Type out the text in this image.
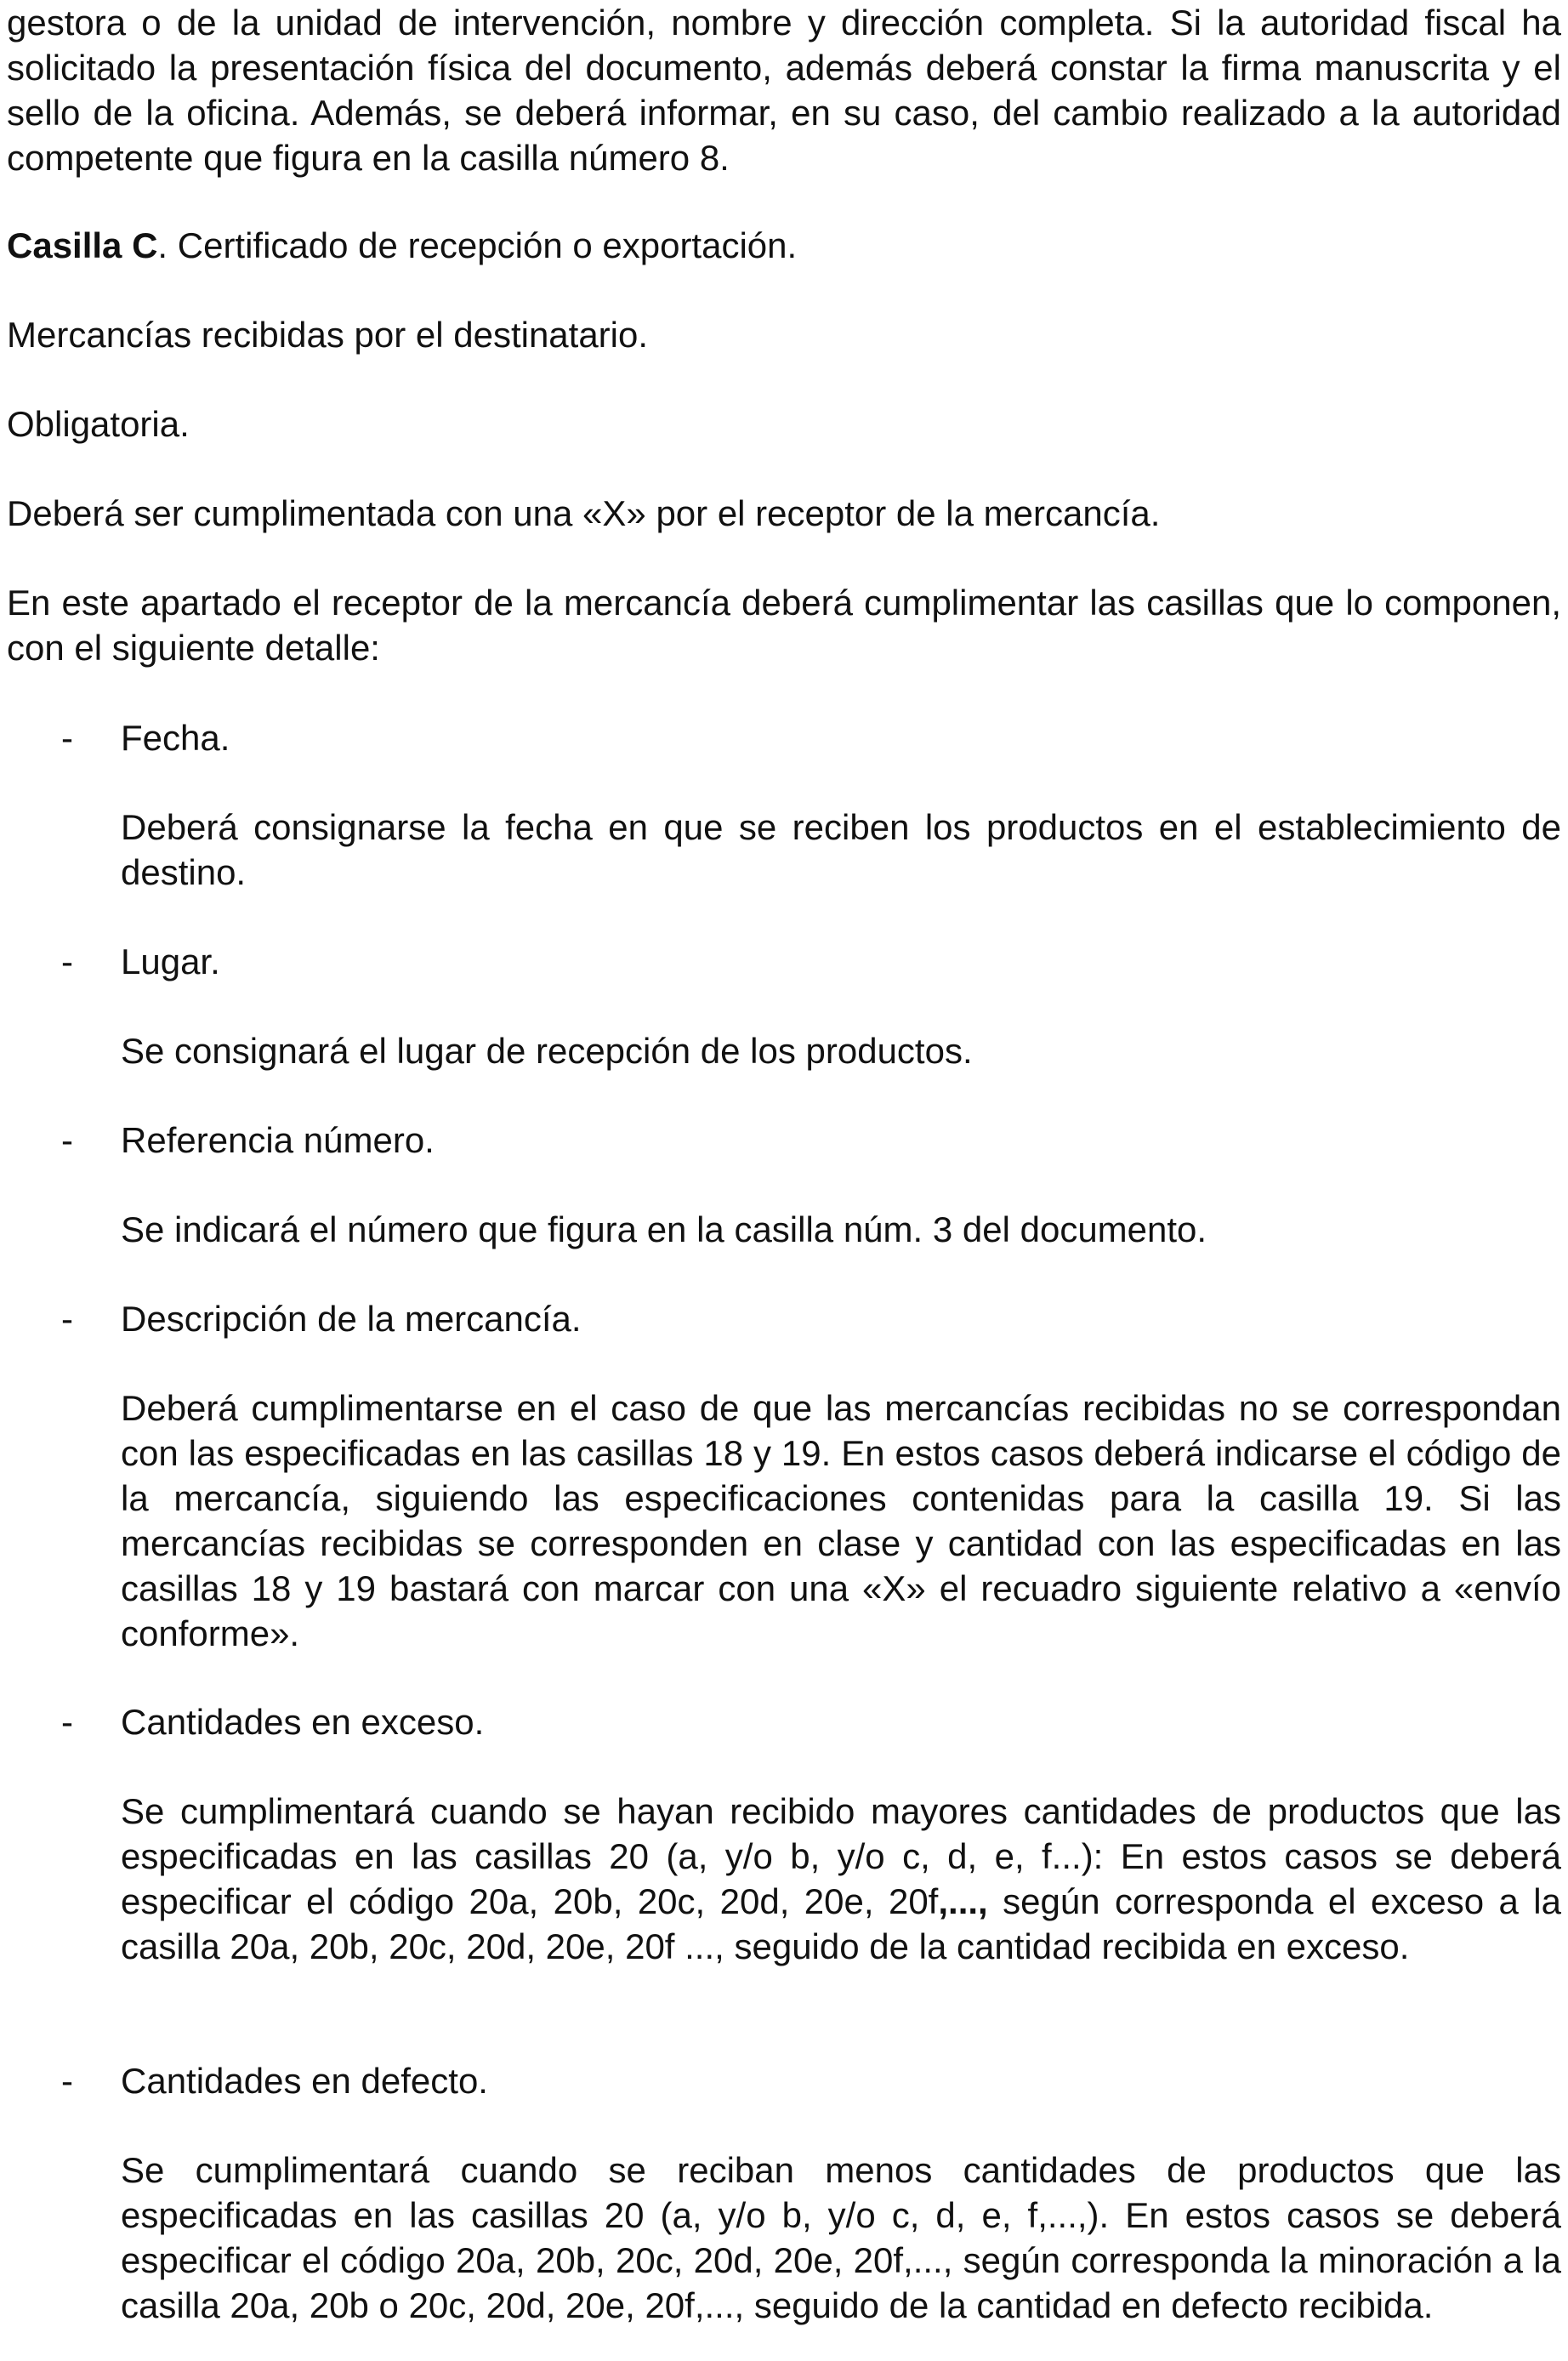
gestora o de la unidad de intervención, nombre y dirección completa. Si la autoridad fiscal ha solicitado la presentación física del documento, además deberá constar la firma manuscrita y el sello de la oficina. Además, se deberá informar, en su caso, del cambio realizado a la autoridad competente que figura en la casilla número 8.

Casilla C. Certificado de recepción o exportación.

Mercancías recibidas por el destinatario.

Obligatoria.

Deberá ser cumplimentada con una «X» por el receptor de la mercancía.

En este apartado el receptor de la mercancía deberá cumplimentar las casillas que lo componen, con el siguiente detalle:

-	Fecha.

Deberá consignarse la fecha en que se reciben los productos en el establecimiento de destino.

-	Lugar.

Se consignará el lugar de recepción de los productos.

-	Referencia número.

Se indicará el número que figura en la casilla núm. 3 del documento.

-	Descripción de la mercancía.

Deberá cumplimentarse en el caso de que las mercancías recibidas no se correspondan con las especificadas en las casillas 18 y 19. En estos casos deberá indicarse el código de la mercancía, siguiendo las especificaciones contenidas para la casilla 19. Si las mercancías recibidas se corresponden en clase y cantidad con las especificadas en las casillas 18 y 19 bastará con marcar con una «X» el recuadro siguiente relativo a «envío conforme».

-	Cantidades en exceso.

Se cumplimentará cuando se hayan recibido mayores cantidades de productos que las especificadas en las casillas 20 (a, y/o b, y/o c, d, e, f...): En estos casos se deberá especificar el código 20a, 20b, 20c, 20d, 20e, 20f,..., según corresponda el exceso a la casilla 20a, 20b, 20c, 20d, 20e, 20f ..., seguido de la cantidad recibida en exceso.

-	Cantidades en defecto.

Se cumplimentará cuando se reciban menos cantidades de productos que las especificadas en las casillas 20 (a, y/o b, y/o c, d, e, f,...,). En estos casos se deberá especificar el código 20a, 20b, 20c, 20d, 20e, 20f,..., según corresponda la minoración a la casilla 20a, 20b o 20c, 20d, 20e, 20f,..., seguido de la cantidad en defecto recibida.
